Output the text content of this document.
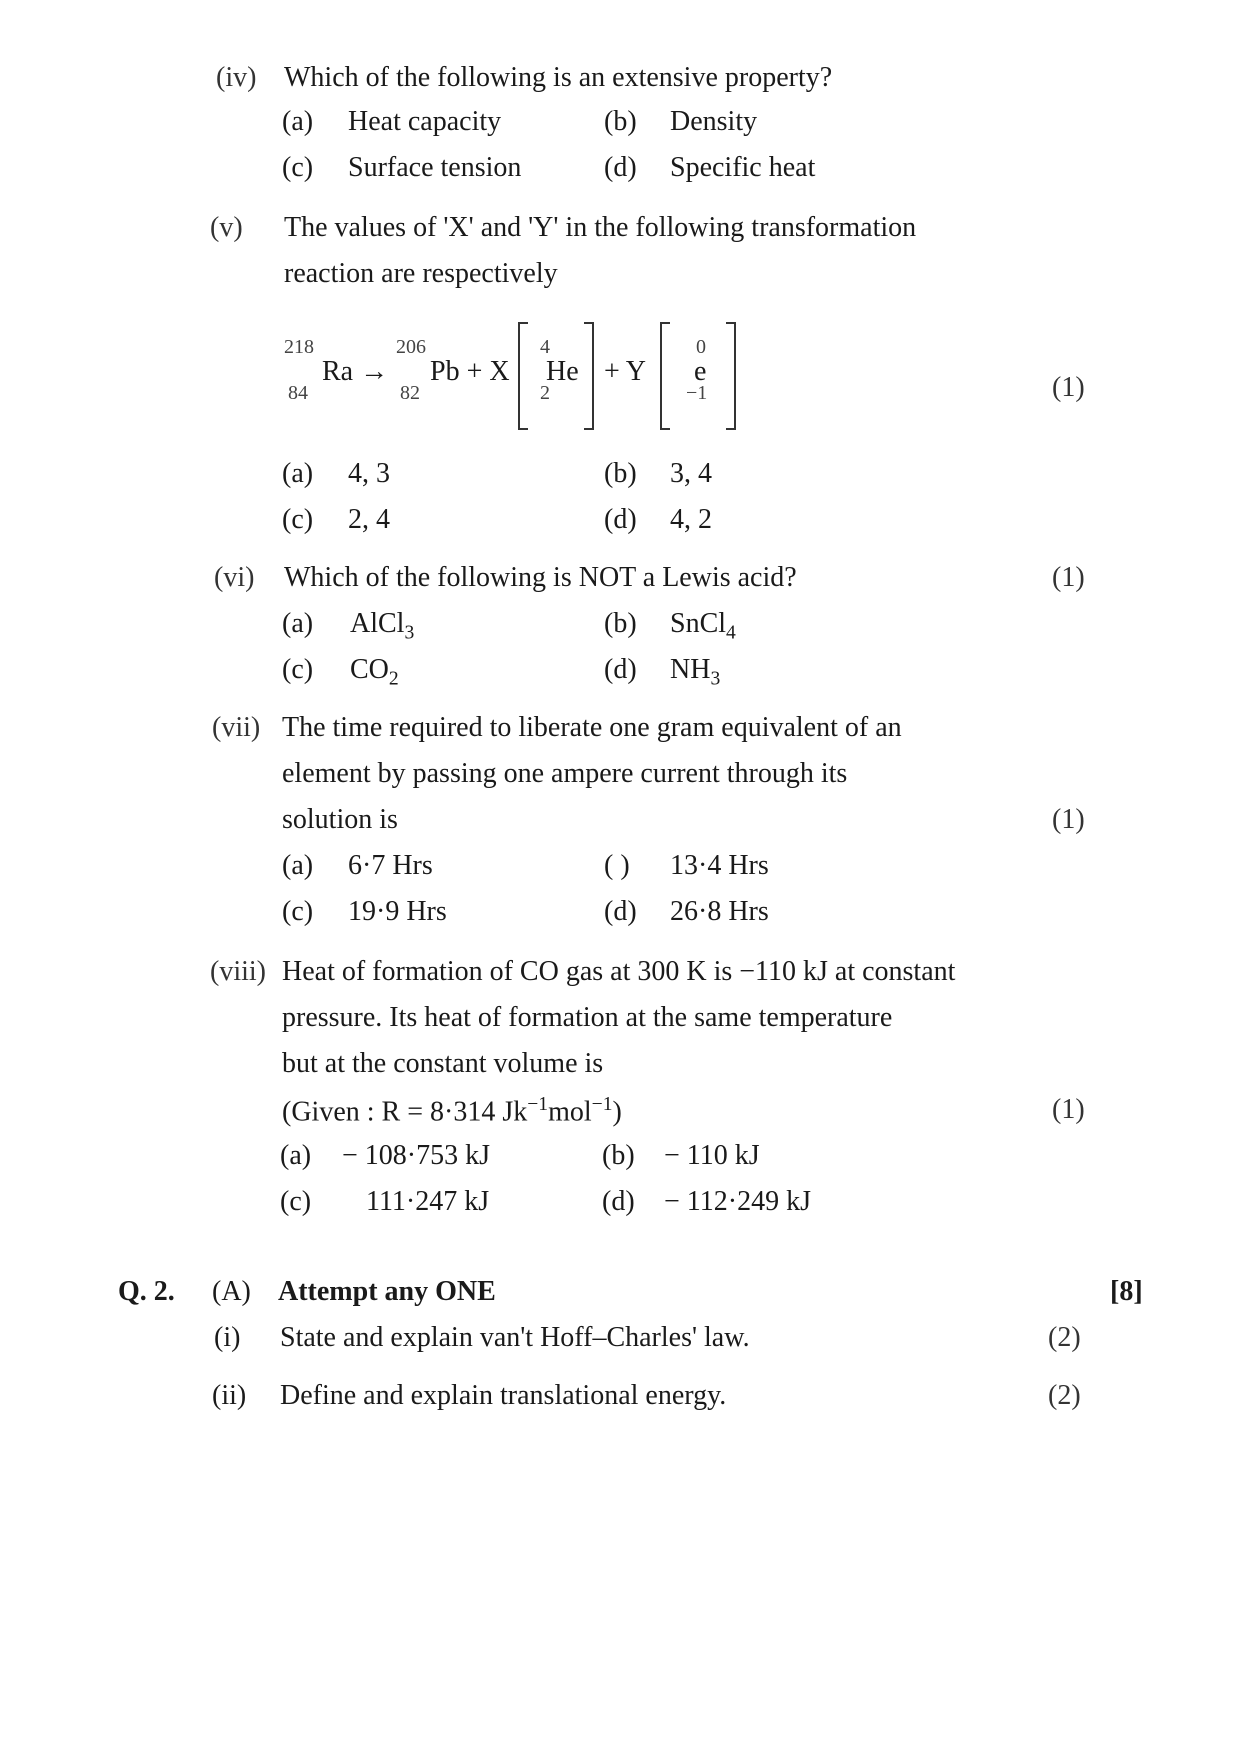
(iv) Which of the following is an extensive property?
(a) Heat capacity	(b) Density
(c) Surface tension	(d) Specific heat
(v) The values of 'X' and 'Y' in the following transformation
reaction are respectively
218
84
Ra →
206
82
Pb + X
4
2
He + Y
0
e
−1	(1)
(a) 4, 3	(b) 3, 4
(c) 2, 4	(d) 4, 2
(vi) Which of the following is NOT a Lewis acid?	(1)
(a) AlCl$_3$	(b) SnCl$_4$
(c) $CO_2$	(d) $NH_3$
(vii) The time required to liberate one gram equivalent of an
element by passing one ampere current through its
solution is	(1)
(a) 6·7 Hrs	( ) 13·4 Hrs
(c) 19·9 Hrs	(d) 26·8 Hrs
(viii) Heat of formation of CO gas at 300 K is −110 kJ at constant
pressure. Its heat of formation at the same temperature
but at the constant volume is
(Given : R = 8·314 $Jk^{-1}mol^{-1}$)	(1)
(a) − 108·753 kJ	(b) − 110 kJ
(c) 111·247 kJ	(d) − 112·249 kJ
Q. 2. (A) Attempt any ONE	[8]
(i) State and explain van't Hoff–Charles' law.	(2)
(ii) Define and explain translational energy.	(2)
